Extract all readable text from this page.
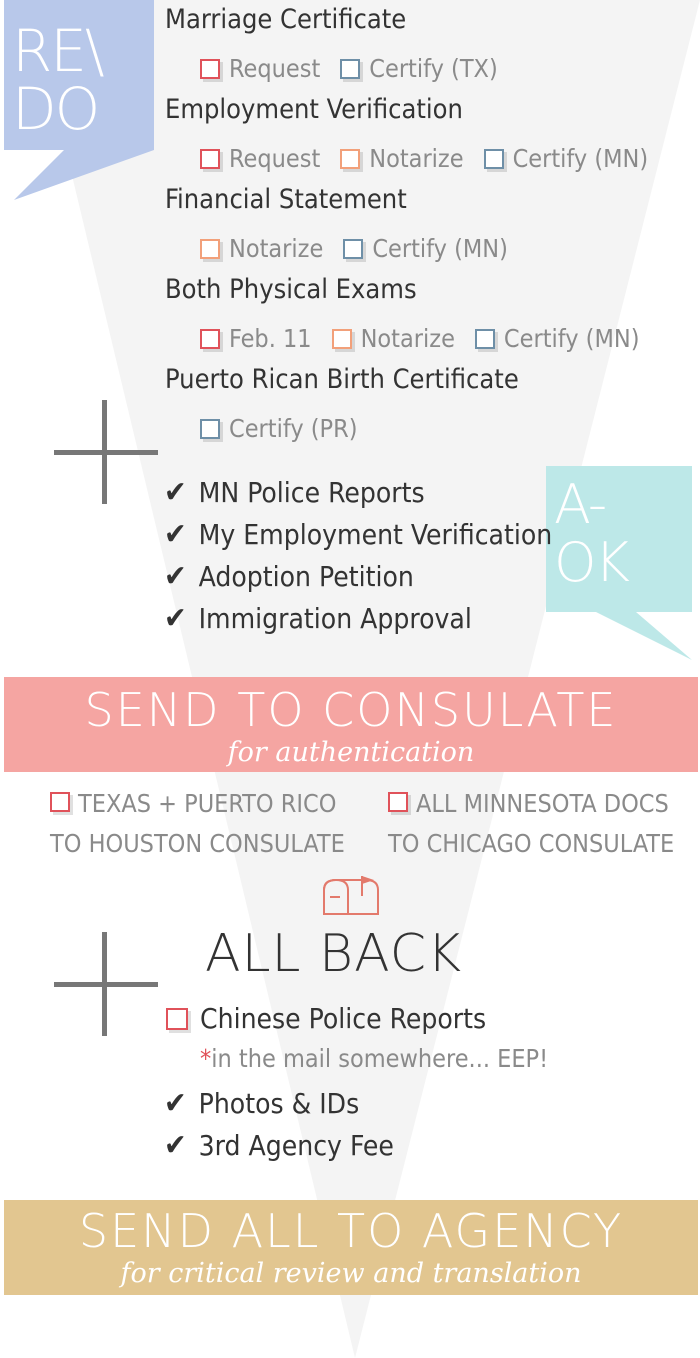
RE\
DO
Marriage Certificate
Request Certify (TX)
Employment Verification
Request Notarize Certify (MN)
Financial Statement
Notarize Certify (MN)
Both Physical Exams
Feb. 11 Notarize Certify (MN)
Puerto Rican Birth Certificate
Certify (PR)
A-
OK
✔ MN Police Reports
✔ My Employment Verification
✔ Adoption Petition
✔ Immigration Approval
SEND TO CONSULATE
for authentication
TEXAS + PUERTO RICO
TO HOUSTON CONSULATE
ALL MINNESOTA DOCS
TO CHICAGO CONSULATE
ALL BACK
Chinese Police Reports
*in the mail somewhere... EEP!
✔ Photos & IDs
✔ 3rd Agency Fee
SEND ALL TO AGENCY
for critical review and translation
